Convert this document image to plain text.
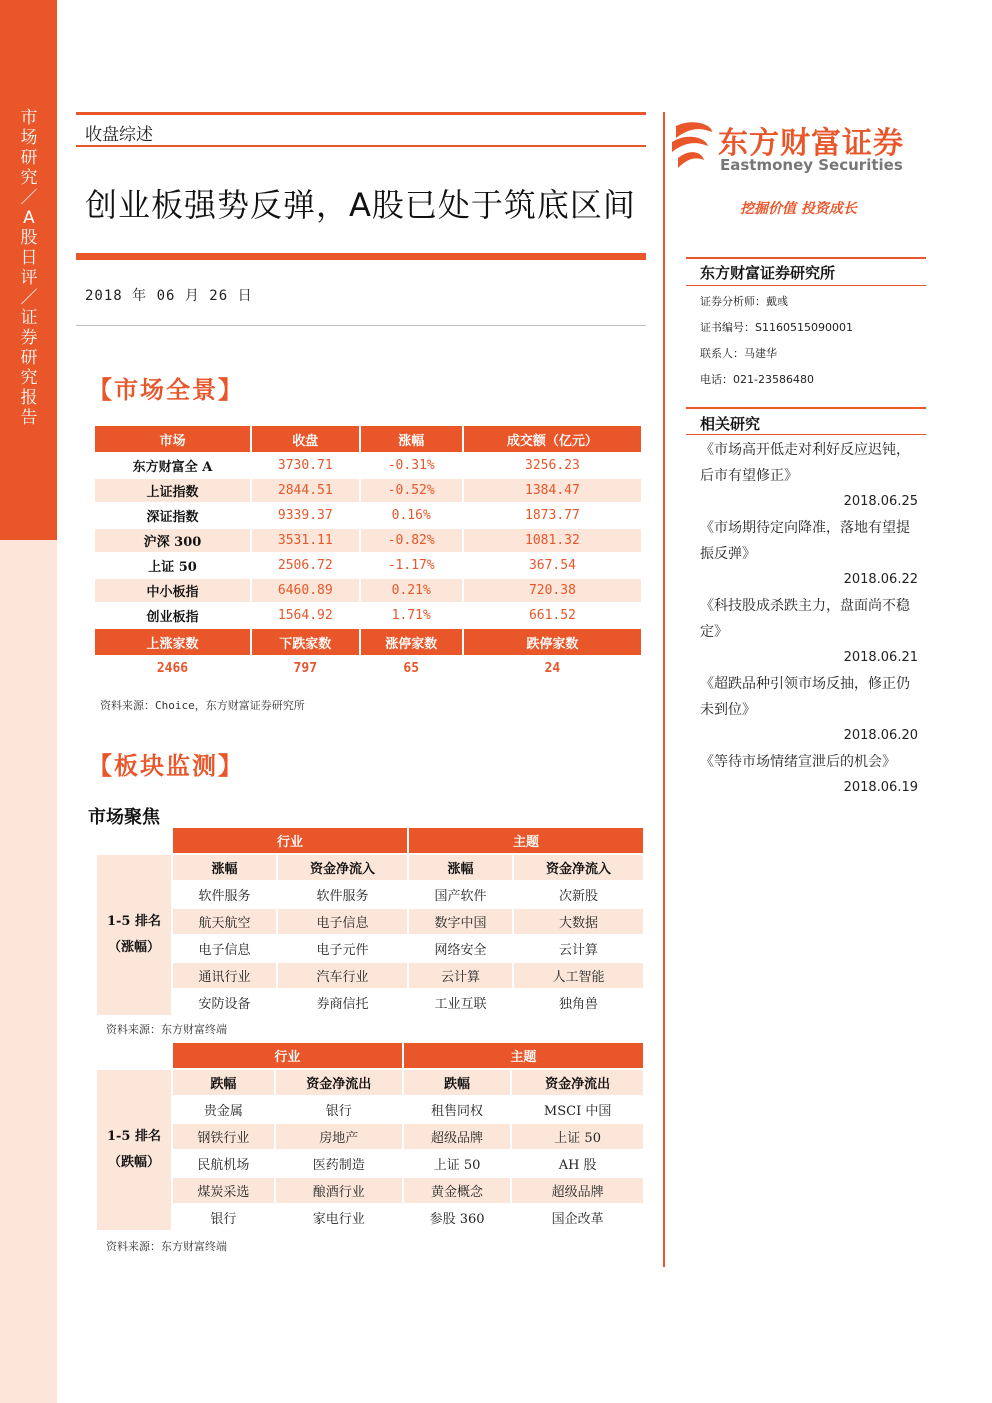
市场研究／A股日评／证券研究报告
收盘综述
创业板强势反弹，A股已处于筑底区间
2018 年 06 月 26 日
【市场全景】
市场	收盘	涨幅	成交额（亿元）
东方财富全 A	3730.71	-0.31%	3256.23
上证指数	2844.51	-0.52%	1384.47
深证指数	9339.37	0.16%	1873.77
沪深 300	3531.11	-0.82%	1081.32
上证 50	2506.72	-1.17%	367.54
中小板指	6460.89	0.21%	720.38
创业板指	1564.92	1.71%	661.52
上涨家数	下跌家数	涨停家数	跌停家数
2466	797	65	24
资料来源：Choice，东方财富证券研究所
【板块监测】
市场聚焦
	行业		主题	
1-5 排名
（涨幅）	涨幅	资金净流入	涨幅	资金净流入
	软件服务	软件服务	国产软件	次新股
	航天航空	电子信息	数字中国	大数据
	电子信息	电子元件	网络安全	云计算
	通讯行业	汽车行业	云计算	人工智能
	安防设备	券商信托	工业互联	独角兽
资料来源：东方财富终端
	行业		主题	
1-5 排名
（跌幅）	跌幅	资金净流出	跌幅	资金净流出
	贵金属	银行	租售同权	MSCI 中国
	钢铁行业	房地产	超级品牌	上证 50
	民航机场	医药制造	上证 50	AH 股
	煤炭采选	酿酒行业	黄金概念	超级品牌
	银行	家电行业	参股 360	国企改革
资料来源：东方财富终端
东方财富证券
Eastmoney Securities
挖掘价值 投资成长
东方财富证券研究所
证券分析师：戴彧
证书编号：S1160515090001
联系人：马建华
电话：021-23586480
相关研究
《市场高开低走对利好反应迟钝，后市有望修正》
2018.06.25
《市场期待定向降准，落地有望提振反弹》
2018.06.22
《科技股成杀跌主力，盘面尚不稳定》
2018.06.21
《超跌品种引领市场反抽，修正仍未到位》
2018.06.20
《等待市场情绪宣泄后的机会》
2018.06.19
